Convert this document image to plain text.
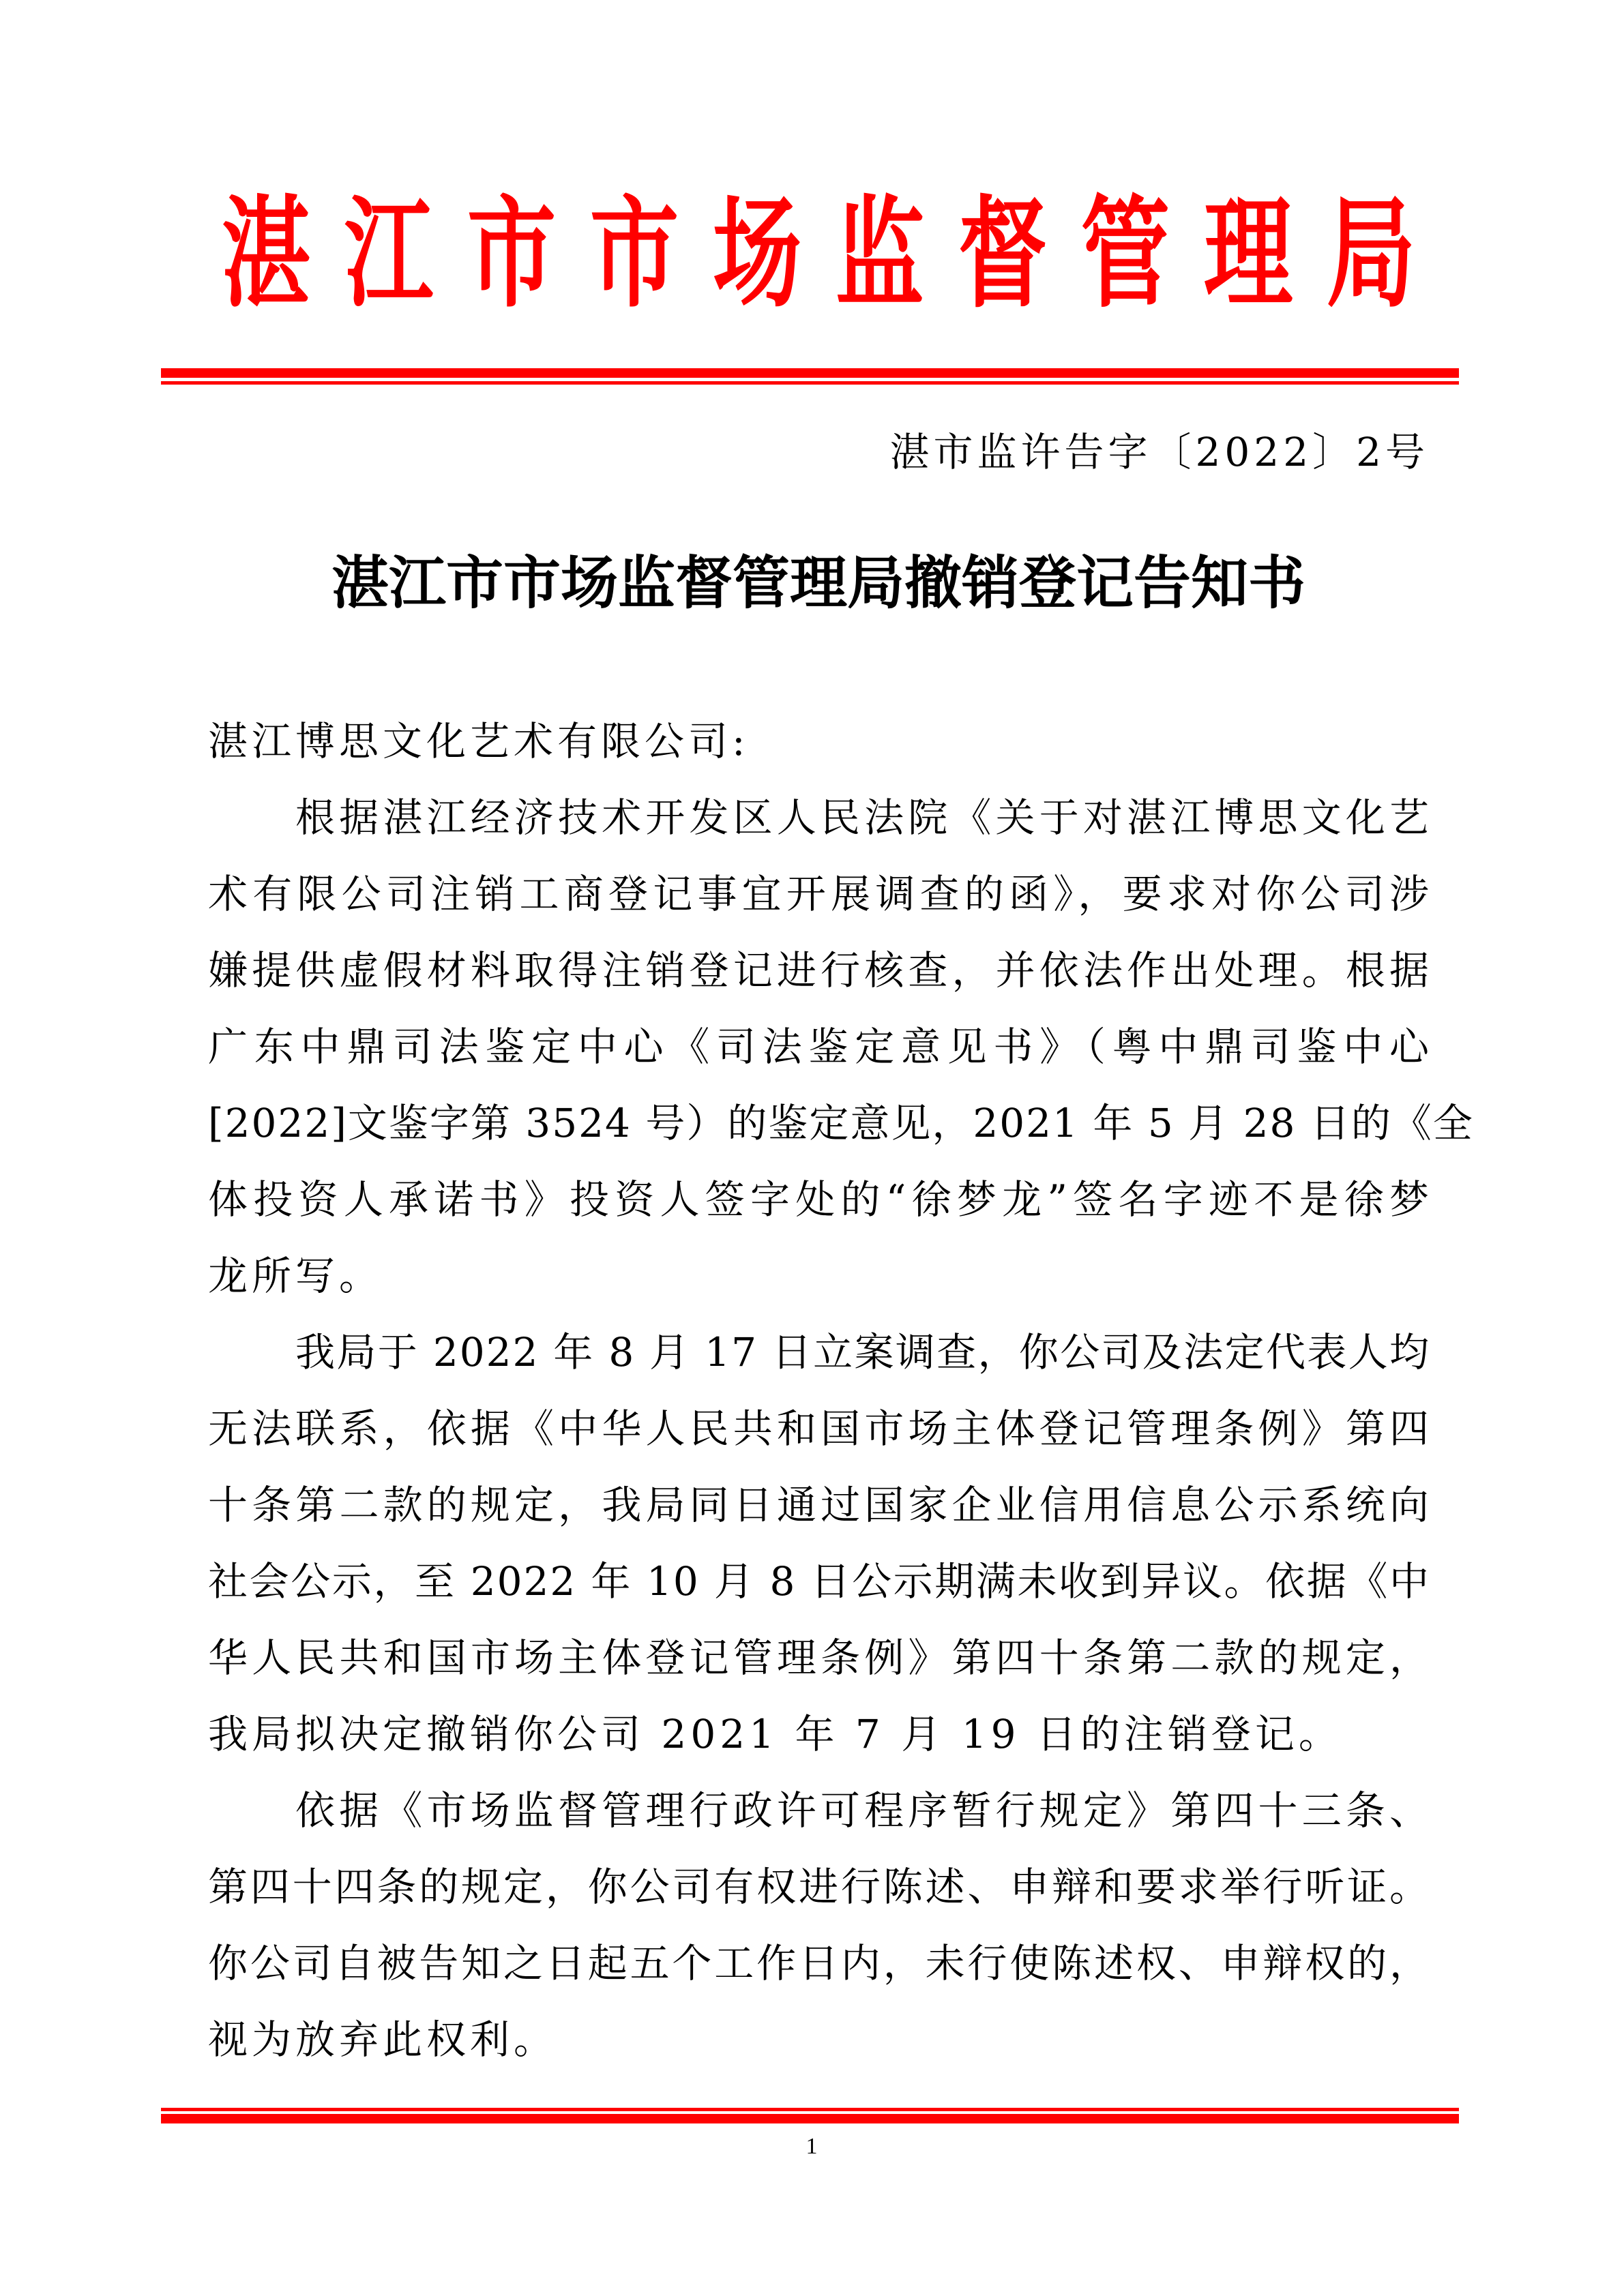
湛 江 市 市 场 监 督 管 理 局
湛市监许告字〔2022〕2号
湛江市市场监督管理局撤销登记告知书
湛江博思文化艺术有限公司:
根据湛江经济技术开发区人民法院《关于对湛江博思文化艺
术有限公司注销工商登记事宜开展调查的函》，要求对你公司涉
嫌提供虚假材料取得注销登记进行核查，并依法作出处理。根据
广东中鼎司法鉴定中心《司法鉴定意见书》（粤中鼎司鉴中心
[2022]文鉴字第 3524 号）的鉴定意见，2021 年 5 月 28 日的《全
体投资人承诺书》投资人签字处的“徐梦龙”签名字迹不是徐梦
龙所写。
我局于 2022 年 8 月 17 日立案调查，你公司及法定代表人均
无法联系，依据《中华人民共和国市场主体登记管理条例》第四
十条第二款的规定，我局同日通过国家企业信用信息公示系统向
社会公示，至 2022 年 10 月 8 日公示期满未收到异议。依据《中
华人民共和国市场主体登记管理条例》第四十条第二款的规定，
我局拟决定撤销你公司 2021 年 7 月 19 日的注销登记。
依据《市场监督管理行政许可程序暂行规定》第四十三条、
第四十四条的规定，你公司有权进行陈述、申辩和要求举行听证。
你公司自被告知之日起五个工作日内，未行使陈述权、申辩权的，
视为放弃此权利。
1
